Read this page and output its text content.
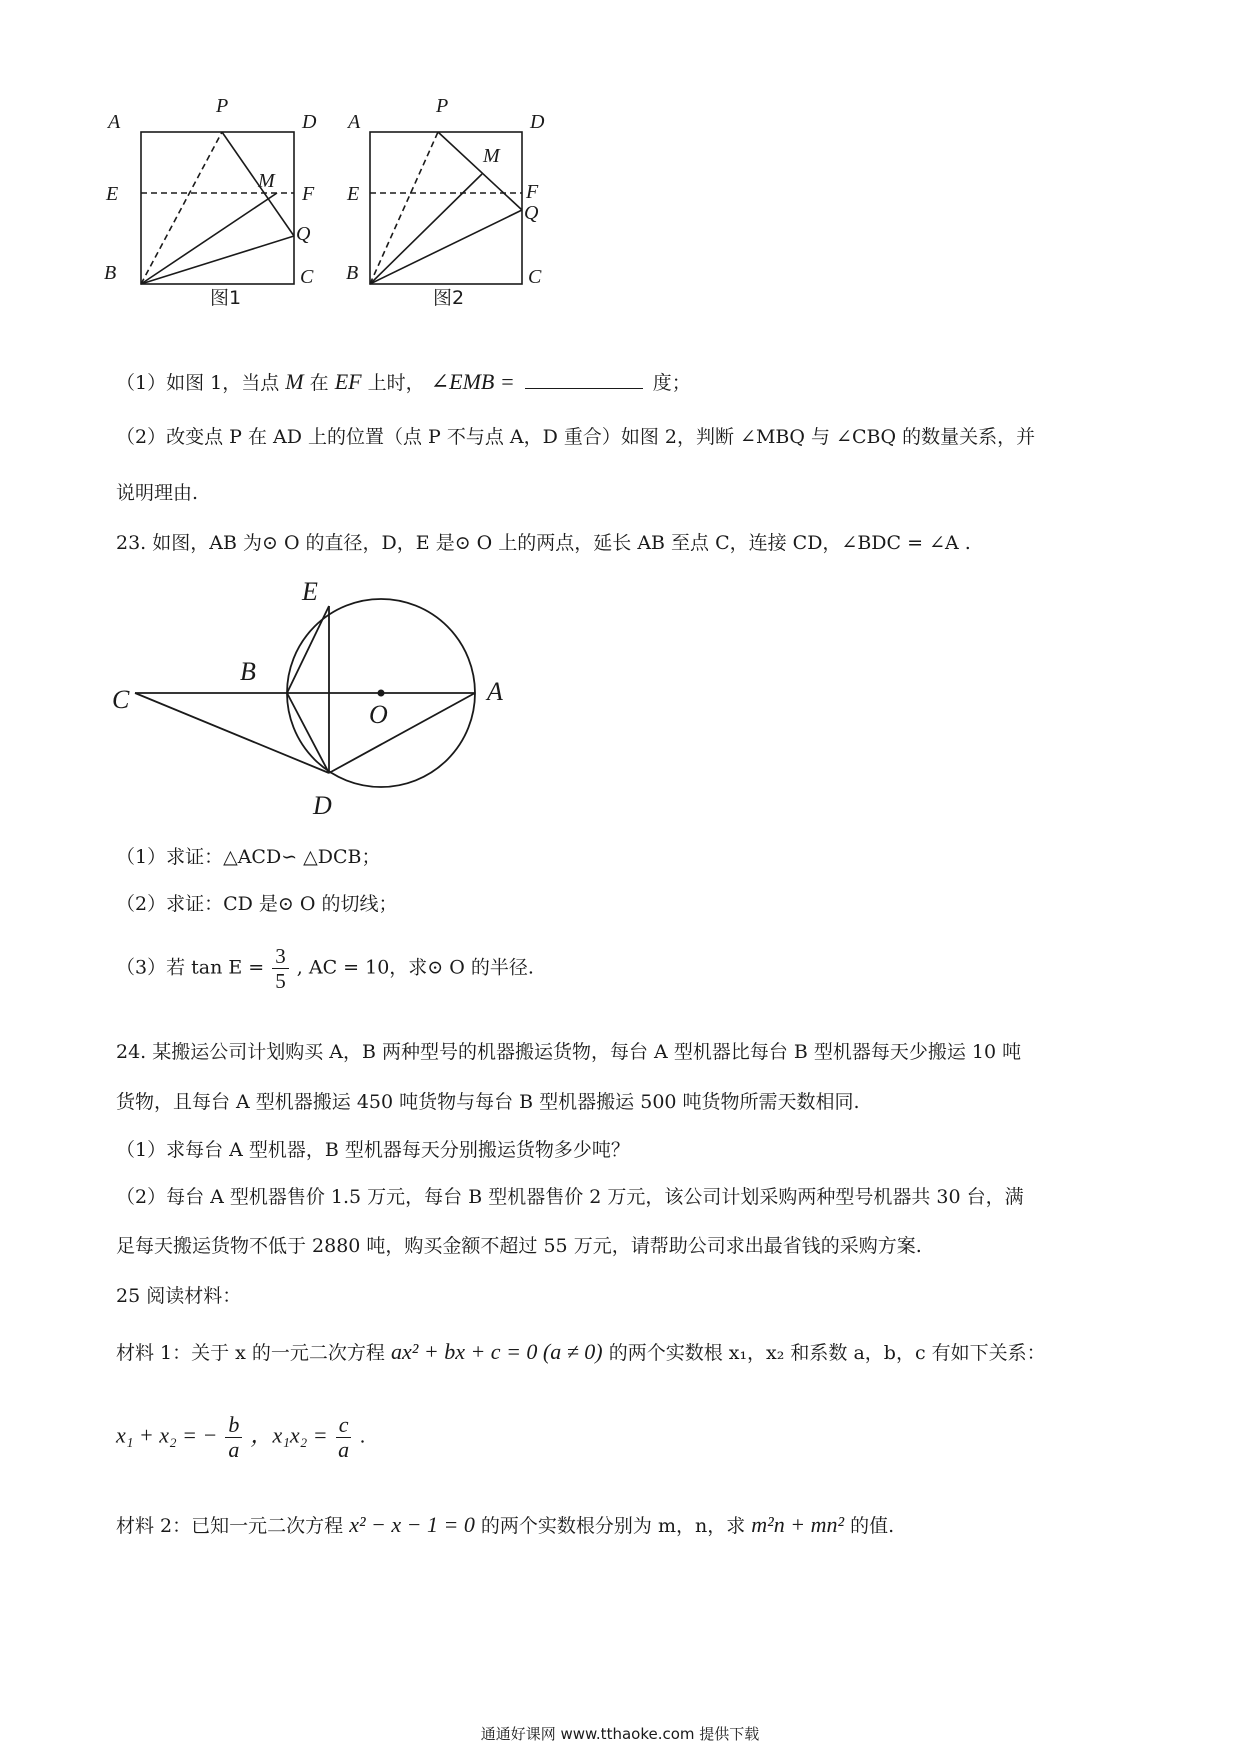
A
P
D
E
M
F
Q
B	C
图1
A
P
D
E
M
F
Q
B	C
图2
（1）如图 1，当点 M 在 EF 上时， ∠EMB =	度；
（2）改变点 P 在 AD 上的位置（点 P 不与点 A，D 重合）如图 2，判断 ∠MBQ 与 ∠CBQ 的数量关系，并
说明理由.
23. 如图，AB 为⊙ O 的直径，D，E 是⊙ O 上的两点，延长 AB 至点 C，连接 CD，∠BDC = ∠A .
E
B
C
O
A
D
（1）求证：△ACD∽ △DCB；
（2）求证：CD 是⊙ O 的切线；
（3）若 $\tan E = \frac{3}{5}$ , AC = 10，求⊙ O 的半径.
24. 某搬运公司计划购买 A，B 两种型号的机器搬运货物，每台 A 型机器比每台 B 型机器每天少搬运 10 吨
货物，且每台 A 型机器搬运 450 吨货物与每台 B 型机器搬运 500 吨货物所需天数相同.
（1）求每台 A 型机器，B 型机器每天分别搬运货物多少吨？
（2）每台 A 型机器售价 1.5 万元，每台 B 型机器售价 2 万元，该公司计划采购两种型号机器共 30 台，满
足每天搬运货物不低于 2880 吨，购买金额不超过 55 万元，请帮助公司求出最省钱的采购方案.
25 阅读材料：
材料 1：关于 x 的一元二次方程 ax² + bx + c = 0 (a ≠ 0) 的两个实数根 x₁，x₂ 和系数 a，b，c 有如下关系：
x₁ + x₂ = − $\frac{b}{a}$ ，$x_1x_2 = \frac{c}{a}$ .
材料 2：已知一元二次方程 x² − x − 1 = 0 的两个实数根分别为 m，n，求 m²n + mn² 的值.
通通好课网 www.tthaoke.com 提供下载
